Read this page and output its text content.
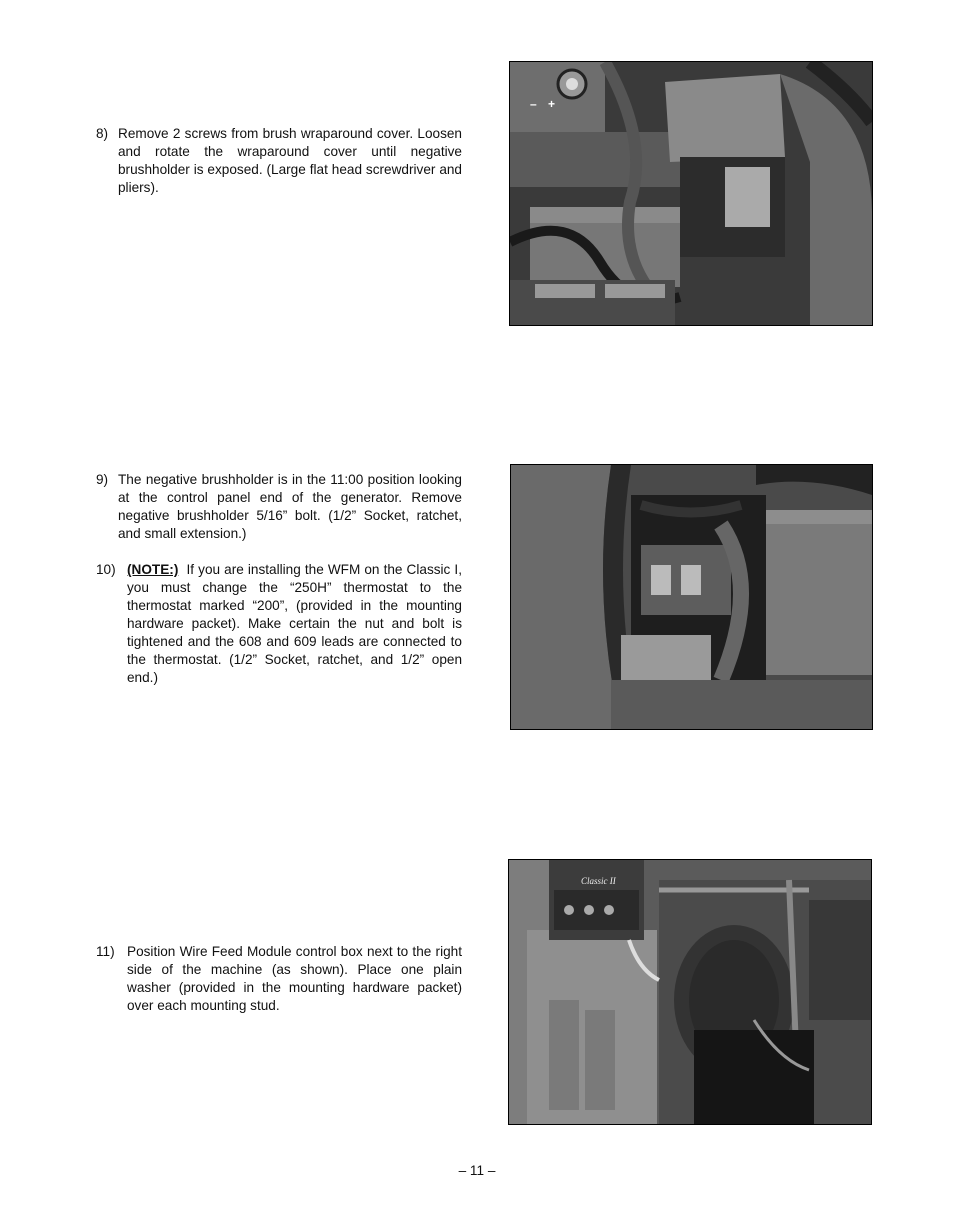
8) Remove 2 screws from brush wraparound cover. Loosen and rotate the wraparound cover until negative brushholder is exposed. (Large flat head screwdriver and pliers).
– +
9) The negative brushholder is in the 11:00 position looking at the control panel end of the generator. Remove negative brushholder 5/16” bolt. (1/2” Socket, ratchet, and small extension.)
10) (NOTE:) If you are installing the WFM on the Classic I, you must change the “250H” thermostat to the thermostat marked “200”, (provided in the mounting hardware packet). Make certain the nut and bolt is tightened and the 608 and 609 leads are connected to the thermostat. (1/2” Socket, ratchet, and 1/2” open end.)
11) Position Wire Feed Module control box next to the right side of the machine (as shown). Place one plain washer (provided in the mounting hardware packet) over each mounting stud.
Classic II
– 11 –
